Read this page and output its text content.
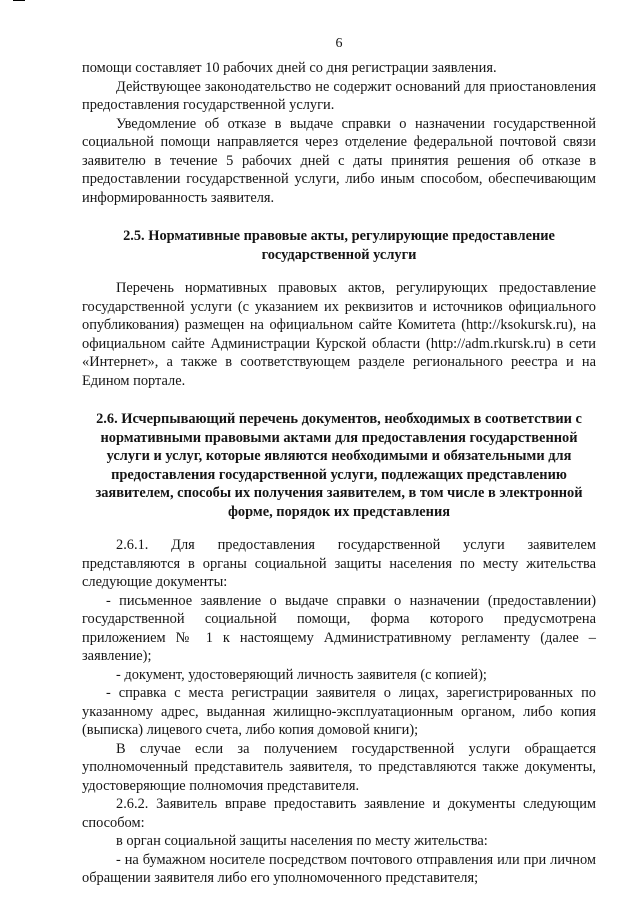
6

помощи составляет 10 рабочих дней со дня регистрации заявления.

Действующее законодательство не содержит оснований для приостановления предоставления государственной услуги.

Уведомление об отказе в выдаче справки о назначении государственной социальной помощи направляется через отделение федеральной почтовой связи заявителю в течение 5 рабочих дней с даты принятия решения об отказе в предоставлении государственной услуги, либо иным способом, обеспечивающим информированность заявителя.

2.5. Нормативные правовые акты, регулирующие предоставление государственной услуги

Перечень нормативных правовых актов, регулирующих предоставление государственной услуги (с указанием их реквизитов и источников официального опубликования) размещен на официальном сайте Комитета (http://ksokursk.ru), на официальном сайте Администрации Курской области (http://adm.rkursk.ru) в сети «Интернет», а также в соответствующем разделе регионального реестра и на Едином портале.

2.6. Исчерпывающий перечень документов, необходимых в соответствии с нормативными правовыми актами для предоставления государственной услуги и услуг, которые являются необходимыми и обязательными для предоставления государственной услуги, подлежащих представлению заявителем, способы их получения заявителем, в том числе в электронной форме, порядок их представления

2.6.1. Для предоставления государственной услуги заявителем представляются в органы социальной защиты населения по месту жительства следующие документы:

- письменное заявление о выдаче справки о назначении (предоставлении) государственной социальной помощи, форма которого предусмотрена приложением № 1 к настоящему Административному регламенту (далее – заявление);

- документ, удостоверяющий личность заявителя (с копией);

- справка с места регистрации заявителя о лицах, зарегистрированных по указанному адрес, выданная жилищно-эксплуатационным органом, либо копия (выписка) лицевого счета, либо копия домовой книги);

В случае если за получением государственной услуги обращается уполномоченный представитель заявителя, то представляются также документы, удостоверяющие полномочия представителя.

2.6.2. Заявитель вправе предоставить заявление и документы следующим способом:

в орган социальной защиты населения по месту жительства:

- на бумажном носителе посредством почтового отправления или при личном обращении заявителя либо его уполномоченного представителя;
